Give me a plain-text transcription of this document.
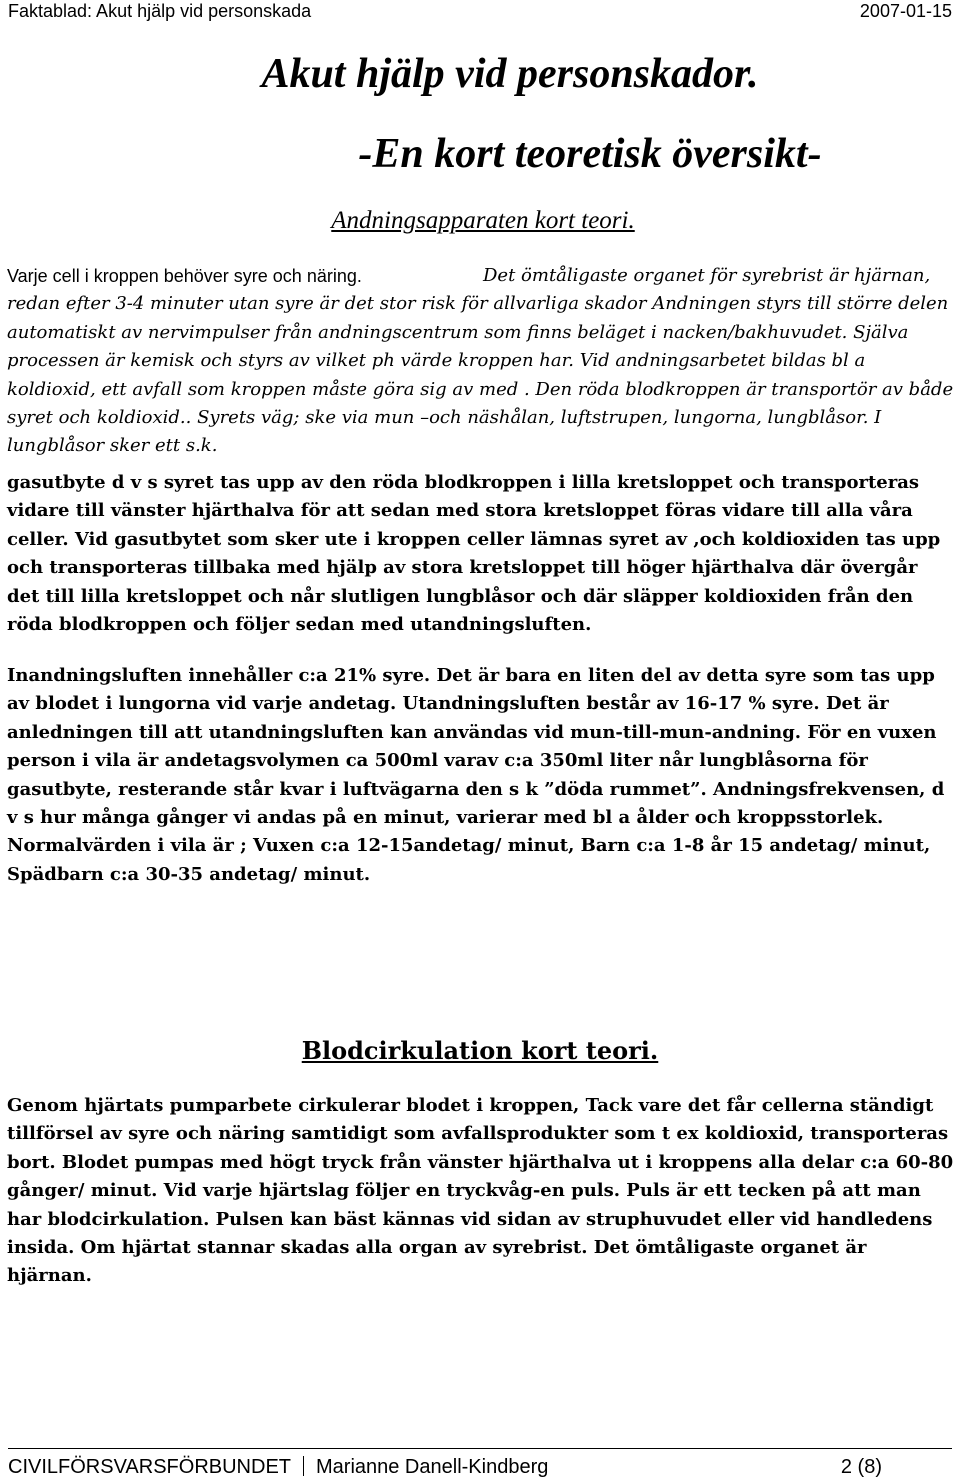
Faktablad: Akut hjälp vid personskada	2007-01-15
Akut hjälp vid personskador.
-En kort teoretisk översikt-
Andningsapparaten kort teori.
Varje cell i kroppen behöver syre och näring.	Det ömtåligaste organet för syrebrist är hjärnan, redan efter 3-4 minuter utan syre är det stor risk för allvarliga skador Andningen styrs till större delen automatiskt av nervimpulser från andningscentrum som finns beläget i nacken/bakhuvudet. Själva processen är kemisk och styrs av vilket ph värde kroppen har. Vid andningsarbetet bildas bl a koldioxid, ett avfall som kroppen måste göra sig av med . Den röda blodkroppen är transportör av både syret och koldioxid.. Syrets väg; ske via mun –och näshålan, luftstrupen, lungorna, lungblåsor. I lungblåsor sker ett s.k.
gasutbyte d v s syret tas upp av den röda blodkroppen i lilla kretsloppet och transporteras vidare till vänster hjärthalva för att sedan med stora kretsloppet föras vidare till alla våra celler. Vid gasutbytet som sker ute i kroppen celler lämnas syret av ,och koldioxiden tas upp och transporteras tillbaka med hjälp av stora kretsloppet till höger hjärthalva där övergår det till lilla kretsloppet och når slutligen lungblåsor och där släpper koldioxiden från den röda blodkroppen och följer sedan med utandningsluften.
Inandningsluften innehåller c:a 21% syre. Det är bara en liten del av detta syre som tas upp av blodet i lungorna vid varje andetag. Utandningsluften består av 16-17 % syre. Det är anledningen till att utandningsluften kan användas vid mun-till-mun-andning. För en vuxen person i vila är andetagsvolymen ca 500ml varav c:a 350ml liter når lungblåsorna för gasutbyte, resterande står kvar i luftvägarna den s k ”döda rummet”. Andningsfrekvensen, d v s hur många gånger vi andas på en minut, varierar med bl a ålder och kroppsstorlek. Normalvärden i vila är ; Vuxen c:a 12-15andetag/ minut, Barn c:a 1-8 år 15 andetag/ minut, Spädbarn c:a 30-35 andetag/ minut.
Blodcirkulation kort teori.
Genom hjärtats pumparbete cirkulerar blodet i kroppen, Tack vare det får cellerna ständigt tillförsel av syre och näring samtidigt som avfallsprodukter som t ex koldioxid, transporteras bort. Blodet pumpas med högt tryck från vänster hjärthalva ut i kroppens alla delar c:a 60-80 gånger/ minut. Vid varje hjärtslag följer en tryckvåg-en puls. Puls är ett tecken på att man har blodcirkulation. Pulsen kan bäst kännas vid sidan av struphuvudet eller vid handledens insida. Om hjärtat stannar skadas alla organ av syrebrist. Det ömtåligaste organet är hjärnan.
CIVILFÖRSVARSFÖRBUNDET Marianne Danell-Kindberg	2 (8)
